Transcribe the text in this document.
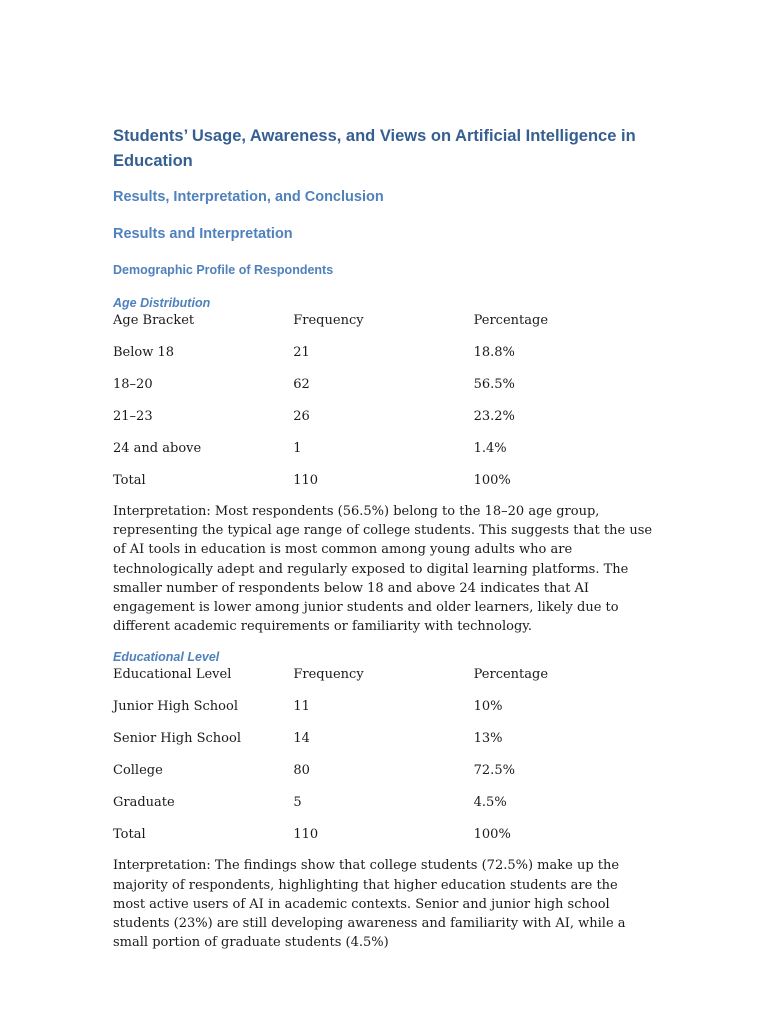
Students’ Usage, Awareness, and Views on Artificial Intelligence in Education
Results, Interpretation, and Conclusion
Results and Interpretation
Demographic Profile of Respondents
Age Distribution
Age Bracket	Frequency	Percentage
Below 18	21	18.8%
18–20	62	56.5%
21–23	26	23.2%
24 and above	1	1.4%
Total	110	100%

Interpretation: Most respondents (56.5%) belong to the 18–20 age group, representing the typical age range of college students. This suggests that the use of AI tools in education is most common among young adults who are technologically adept and regularly exposed to digital learning platforms. The smaller number of respondents below 18 and above 24 indicates that AI engagement is lower among junior students and older learners, likely due to different academic requirements or familiarity with technology.

Educational Level
Educational Level	Frequency	Percentage
Junior High School	11	10%
Senior High School	14	13%
College	80	72.5%
Graduate	5	4.5%
Total	110	100%

Interpretation: The findings show that college students (72.5%) make up the majority of respondents, highlighting that higher education students are the most active users of AI in academic contexts. Senior and junior high school students (23%) are still developing awareness and familiarity with AI, while a small portion of graduate students (4.5%)
